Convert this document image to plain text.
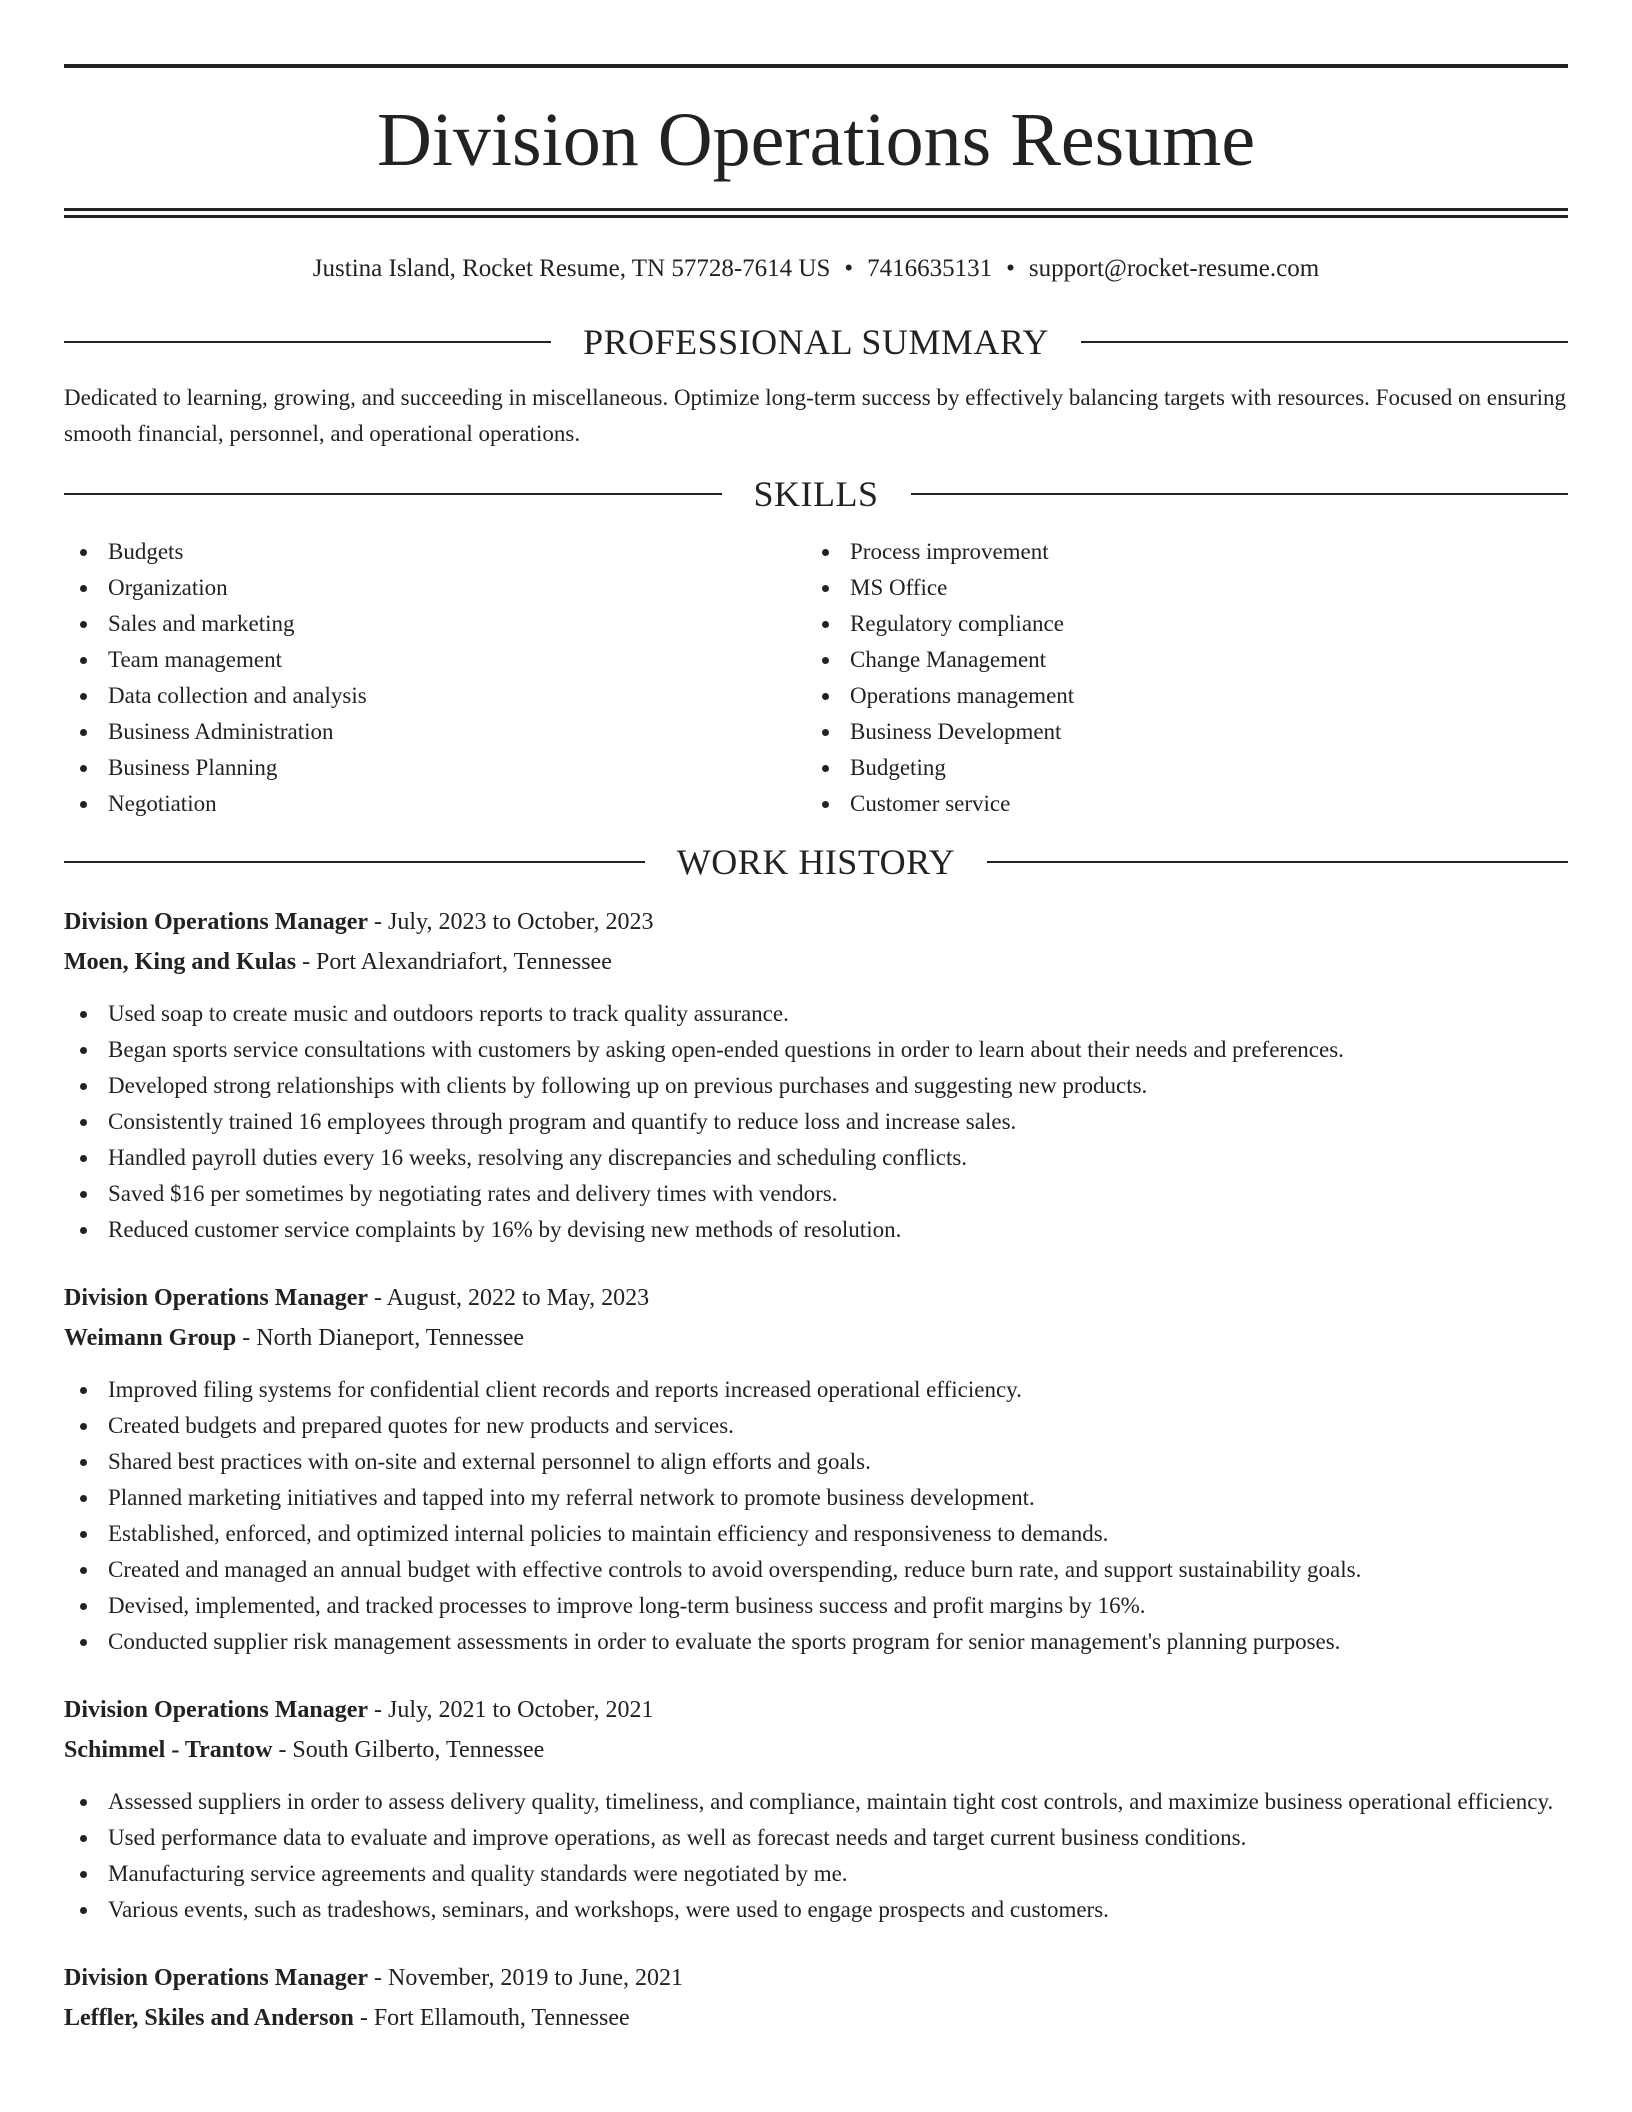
Division Operations Resume
Justina Island, Rocket Resume, TN 57728-7614 US • 7416635131 • support@rocket-resume.com
PROFESSIONAL SUMMARY
Dedicated to learning, growing, and succeeding in miscellaneous. Optimize long-term success by effectively balancing targets with resources. Focused on ensuring smooth financial, personnel, and operational operations.
SKILLS
Budgets
Organization
Sales and marketing
Team management
Data collection and analysis
Business Administration
Business Planning
Negotiation
Process improvement
MS Office
Regulatory compliance
Change Management
Operations management
Business Development
Budgeting
Customer service
WORK HISTORY
Division Operations Manager - July, 2023 to October, 2023
Moen, King and Kulas - Port Alexandriafort, Tennessee
Used soap to create music and outdoors reports to track quality assurance.
Began sports service consultations with customers by asking open-ended questions in order to learn about their needs and preferences.
Developed strong relationships with clients by following up on previous purchases and suggesting new products.
Consistently trained 16 employees through program and quantify to reduce loss and increase sales.
Handled payroll duties every 16 weeks, resolving any discrepancies and scheduling conflicts.
Saved $16 per sometimes by negotiating rates and delivery times with vendors.
Reduced customer service complaints by 16% by devising new methods of resolution.
Division Operations Manager - August, 2022 to May, 2023
Weimann Group - North Dianeport, Tennessee
Improved filing systems for confidential client records and reports increased operational efficiency.
Created budgets and prepared quotes for new products and services.
Shared best practices with on-site and external personnel to align efforts and goals.
Planned marketing initiatives and tapped into my referral network to promote business development.
Established, enforced, and optimized internal policies to maintain efficiency and responsiveness to demands.
Created and managed an annual budget with effective controls to avoid overspending, reduce burn rate, and support sustainability goals.
Devised, implemented, and tracked processes to improve long-term business success and profit margins by 16%.
Conducted supplier risk management assessments in order to evaluate the sports program for senior management's planning purposes.
Division Operations Manager - July, 2021 to October, 2021
Schimmel - Trantow - South Gilberto, Tennessee
Assessed suppliers in order to assess delivery quality, timeliness, and compliance, maintain tight cost controls, and maximize business operational efficiency.
Used performance data to evaluate and improve operations, as well as forecast needs and target current business conditions.
Manufacturing service agreements and quality standards were negotiated by me.
Various events, such as tradeshows, seminars, and workshops, were used to engage prospects and customers.
Division Operations Manager - November, 2019 to June, 2021
Leffler, Skiles and Anderson - Fort Ellamouth, Tennessee
